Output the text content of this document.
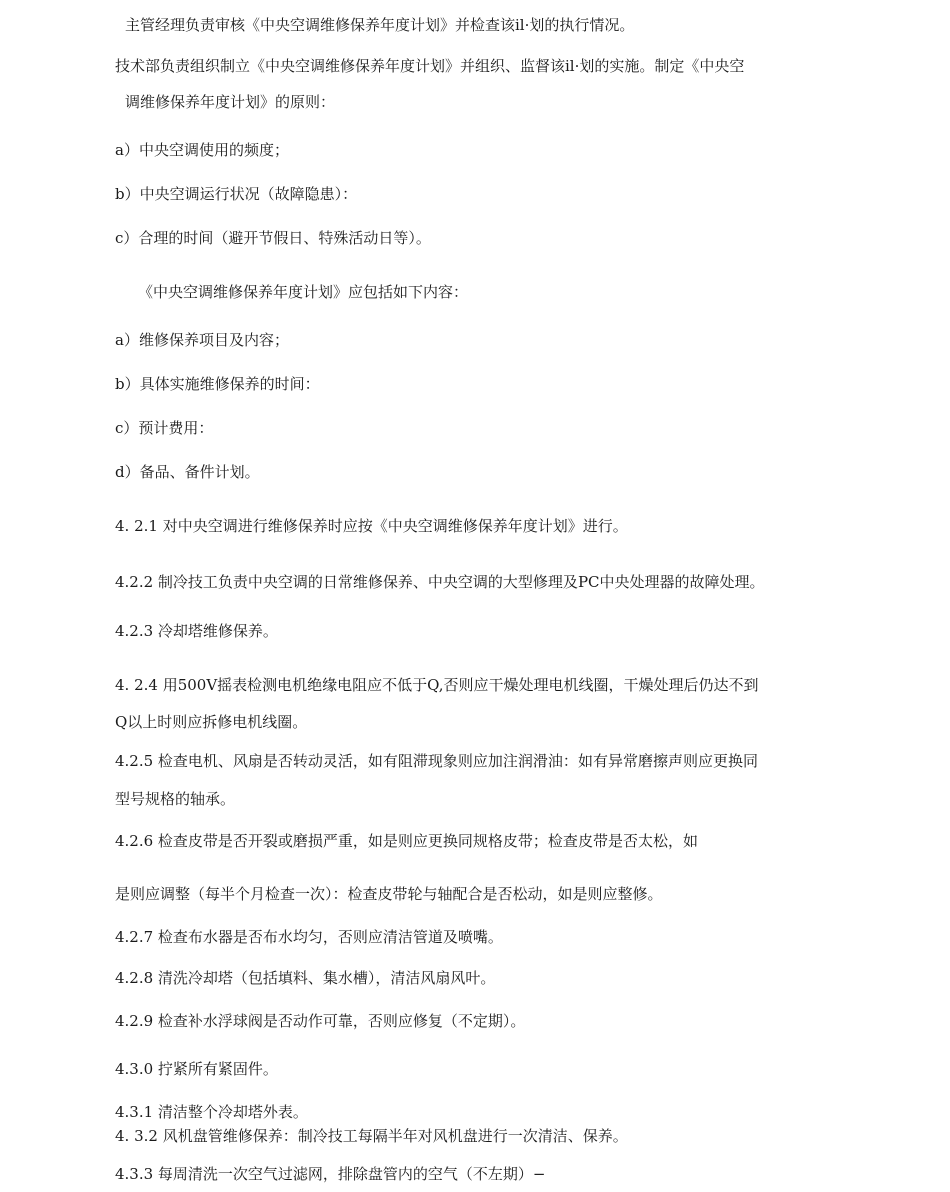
主管经理负责审核《中央空调维修保养年度计划》并检查该il·划的执行情况。
技术部负责组织制立《中央空调维修保养年度计划》并组织、监督该il·划的实施。制定《中央空
调维修保养年度计划》的原则：
a）中央空调使用的频度；
b）中央空调运行状况（故障隐患）：
c）合理的时间（避开节假日、特殊活动日等）。
《中央空调维修保养年度计划》应包括如下内容：
a）维修保养项目及内容；
b）具体实施维修保养的时间：
c）预计费用：
d）备品、备件计划。
4. 2.1 对中央空调进行维修保养时应按《中央空调维修保养年度计划》进行。
4.2.2 制冷技工负责中央空调的日常维修保养、中央空调的大型修理及PC中央处理器的故障处理。
4.2.3 冷却塔维修保养。
4. 2.4 用500V摇表检测电机绝缘电阻应不低于Q,否则应干燥处理电机线圈，干燥处理后仍达不到
Q以上时则应拆修电机线圈。
4.2.5 检查电机、风扇是否转动灵活，如有阻滞现象则应加注润滑油：如有异常磨擦声则应更换同
型号规格的轴承。
4.2.6 检查皮带是否开裂或磨损严重，如是则应更换同规格皮带；检查皮带是否太松，如
是则应调整（每半个月检查一次）：检查皮带轮与轴配合是否松动，如是则应整修。
4.2.7 检查布水器是否布水均匀，否则应清洁管道及喷嘴。
4.2.8 清洗冷却塔（包括填料、集水槽），清洁风扇风叶。
4.2.9 检查补水浮球阀是否动作可靠，否则应修复（不定期）。
4.3.0 拧紧所有紧固件。
4.3.1 清洁整个冷却塔外表。
4. 3.2 风机盘管维修保养：制冷技工每隔半年对风机盘进行一次清洁、保养。
4.3.3 每周清洗一次空气过滤网，排除盘管内的空气（不左期）−
